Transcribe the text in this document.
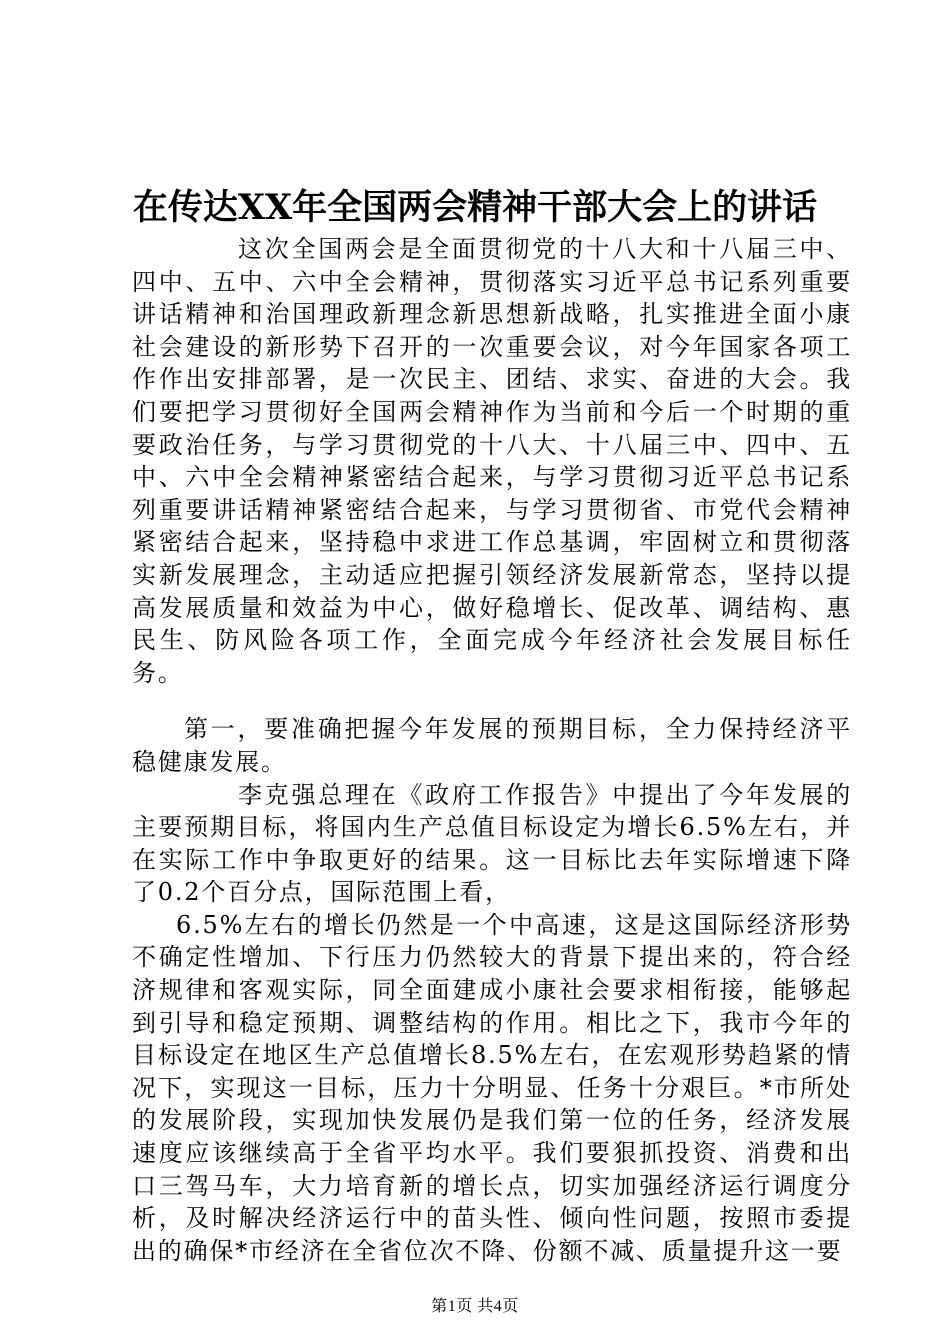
在传达XX年全国两会精神干部大会上的讲话

这次全国两会是全面贯彻党的十八大和十八届三中、四中、五中、六中全会精神，贯彻落实习近平总书记系列重要讲话精神和治国理政新理念新思想新战略，扎实推进全面小康社会建设的新形势下召开的一次重要会议，对今年国家各项工作作出安排部署，是一次民主、团结、求实、奋进的大会。我们要把学习贯彻好全国两会精神作为当前和今后一个时期的重要政治任务，与学习贯彻党的十八大、十八届三中、四中、五中、六中全会精神紧密结合起来，与学习贯彻习近平总书记系列重要讲话精神紧密结合起来，与学习贯彻省、市党代会精神紧密结合起来，坚持稳中求进工作总基调，牢固树立和贯彻落实新发展理念，主动适应把握引领经济发展新常态，坚持以提高发展质量和效益为中心，做好稳增长、促改革、调结构、惠民生、防风险各项工作，全面完成今年经济社会发展目标任务。

第一，要准确把握今年发展的预期目标，全力保持经济平稳健康发展。

李克强总理在《政府工作报告》中提出了今年发展的主要预期目标，将国内生产总值目标设定为增长6.5%左右，并在实际工作中争取更好的结果。这一目标比去年实际增速下降了0.2个百分点，国际范围上看，

6.5%左右的增长仍然是一个中高速，这是这国际经济形势不确定性增加、下行压力仍然较大的背景下提出来的，符合经济规律和客观实际，同全面建成小康社会要求相衔接，能够起到引导和稳定预期、调整结构的作用。相比之下，我市今年的目标设定在地区生产总值增长8.5%左右，在宏观形势趋紧的情况下，实现这一目标，压力十分明显、任务十分艰巨。*市所处的发展阶段，实现加快发展仍是我们第一位的任务，经济发展速度应该继续高于全省平均水平。我们要狠抓投资、消费和出口三驾马车，大力培育新的增长点，切实加强经济运行调度分析，及时解决经济运行中的苗头性、倾向性问题，按照市委提出的确保*市经济在全省位次不降、份额不减、质量提升这一要

第1页 共4页
